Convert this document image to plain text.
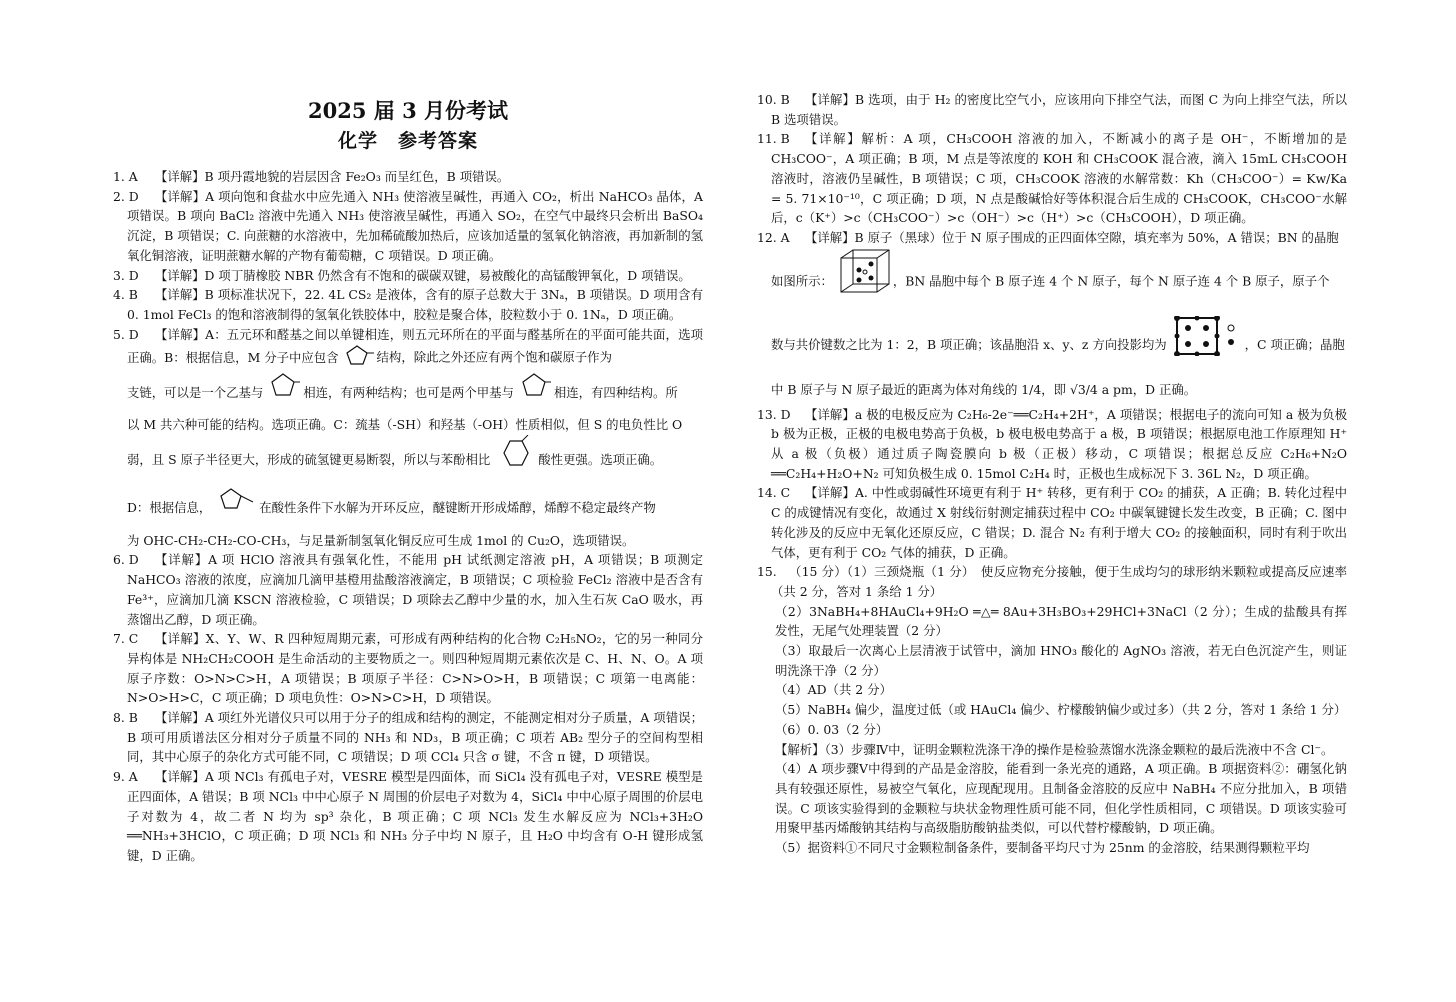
2025 届 3 月份考试
化学　参考答案
1. A 【详解】B 项丹霞地貌的岩层因含 Fe₂O₃ 而呈红色，B 项错误。
2. D 【详解】A 项向饱和食盐水中应先通入 NH₃ 使溶液呈碱性，再通入 CO₂，析出 NaHCO₃ 晶体，A 项错误。B 项向 BaCl₂ 溶液中先通入 NH₃ 使溶液呈碱性，再通入 SO₂，在空气中最终只会析出 BaSO₄ 沉淀，B 项错误；C. 向蔗糖的水溶液中，先加稀硫酸加热后，应该加适量的氢氧化钠溶液，再加新制的氢氧化铜溶液，证明蔗糖水解的产物有葡萄糖，C 项错误。D 项正确。
3. D 【详解】D 项丁腈橡胶 NBR 仍然含有不饱和的碳碳双键，易被酸化的高锰酸钾氧化，D 项错误。
4. B 【详解】B 项标准状况下，22. 4L CS₂ 是液体，含有的原子总数大于 3Nₐ，B 项错误。D 项用含有 0. 1mol FeCl₃ 的饱和溶液制得的氢氧化铁胶体中，胶粒是聚合体，胶粒数小于 0. 1Nₐ，D 项正确。
5. D 【详解】A：五元环和醛基之间以单键相连，则五元环所在的平面与醛基所在的平面可能共面，选项正确。B：根据信息，M 分子中应包含	结构，除此之外还应有两个饱和碳原子作为
支链，可以是一个乙基与	相连，有两种结构；也可是两个甲基与	相连，有四种结构。所
以 M 共六种可能的结构。选项正确。C：巯基（-SH）和羟基（-OH）性质相似，但 S 的电负性比 O
弱，且 S 原子半径更大，形成的硫氢键更易断裂，所以与苯酚相比	酸性更强。选项正确。
D：根据信息，	在酸性条件下水解为开环反应，醚键断开形成烯醇，烯醇不稳定最终产物
为 OHC-CH₂-CH₂-CO-CH₃，与足量新制氢氧化铜反应可生成 1mol 的 Cu₂O，选项错误。
6. D 【详解】A 项 HClO 溶液具有强氧化性，不能用 pH 试纸测定溶液 pH，A 项错误；B 项测定 NaHCO₃ 溶液的浓度，应滴加几滴甲基橙用盐酸溶液滴定，B 项错误；C 项检验 FeCl₂ 溶液中是否含有 Fe³⁺，应滴加几滴 KSCN 溶液检验，C 项错误；D 项除去乙醇中少量的水，加入生石灰 CaO 吸水，再蒸馏出乙醇，D 项正确。
7. C 【详解】X、Y、W、R 四种短周期元素，可形成有两种结构的化合物 C₂H₅NO₂，它的另一种同分异构体是 NH₂CH₂COOH 是生命活动的主要物质之一。则四种短周期元素依次是 C、H、N、O。A 项原子序数：O>N>C>H，A 项错误；B 项原子半径：C>N>O>H，B 项错误；C 项第一电离能：N>O>H>C，C 项正确；D 项电负性：O>N>C>H，D 项错误。
8. B 【详解】A 项红外光谱仪只可以用于分子的组成和结构的测定，不能测定相对分子质量，A 项错误；B 项可用质谱法区分相对分子质量不同的 NH₃ 和 ND₃，B 项正确；C 项若 AB₂ 型分子的空间构型相同，其中心原子的杂化方式可能不同，C 项错误；D 项 CCl₄ 只含 σ 键，不含 π 键，D 项错误。
9. A 【详解】A 项 NCl₃ 有孤电子对，VESRE 模型是四面体，而 SiCl₄ 没有孤电子对，VESRE 模型是正四面体，A 错误；B 项 NCl₃ 中中心原子 N 周围的价层电子对数为 4，SiCl₄ 中中心原子周围的价层电子对数为 4，故二者 N 均为 sp³ 杂化，B 项正确；C 项 NCl₃ 发生水解反应为 NCl₃+3H₂O ══NH₃+3HClO，C 项正确；D 项 NCl₃ 和 NH₃ 分子中均 N 原子，且 H₂O 中均含有 O-H 键形成氢键，D 正确。
10. B 【详解】B 选项，由于 H₂ 的密度比空气小，应该用向下排空气法，而图 C 为向上排空气法，所以 B 选项错误。
11. B 【详解】解析：A 项，CH₃COOH 溶液的加入，不断减小的离子是 OH⁻，不断增加的是 CH₃COO⁻，A 项正确；B 项，M 点是等浓度的 KOH 和 CH₃COOK 混合液，滴入 15mL CH₃COOH 溶液时，溶液仍呈碱性，B 项错误；C 项，CH₃COOK 溶液的水解常数：Kh（CH₃COO⁻）= Kw/Ka = 5. 71×10⁻¹⁰，C 项正确；D 项，N 点是酸碱恰好等体积混合后生成的 CH₃COOK，CH₃COO⁻水解后，c（K⁺）>c（CH₃COO⁻）>c（OH⁻）>c（H⁺）>c（CH₃COOH），D 项正确。
12. A 【详解】B 原子（黑球）位于 N 原子围成的正四面体空隙，填充率为 50%，A 错误；BN 的晶胞
如图所示：	，BN 晶胞中每个 B 原子连 4 个 N 原子，每个 N 原子连 4 个 B 原子，原子个
数与共价键数之比为 1：2，B 项正确；该晶胞沿 x、y、z 方向投影均为	，C 项正确；晶胞
中 B 原子与 N 原子最近的距离为体对角线的 1/4，即 √3/4 a pm，D 正确。
13. D 【详解】a 极的电极反应为 C₂H₆-2e⁻══C₂H₄+2H⁺，A 项错误；根据电子的流向可知 a 极为负极 b 极为正极，正极的电极电势高于负极，b 极电极电势高于 a 极，B 项错误；根据原电池工作原理知 H⁺ 从 a 极（负极）通过质子陶瓷膜向 b 极（正极）移动，C 项错误；根据总反应 C₂H₆+N₂O ══C₂H₄+H₂O+N₂ 可知负极生成 0. 15mol C₂H₄ 时，正极也生成标况下 3. 36L N₂，D 项正确。
14. C 【详解】A. 中性或弱碱性环境更有利于 H⁺ 转移，更有利于 CO₂ 的捕获，A 正确；B. 转化过程中 C 的成键情况有变化，故通过 X 射线衍射测定捕获过程中 CO₂ 中碳氧键键长发生改变，B 正确；C. 图中转化涉及的反应中无氧化还原反应，C 错误；D. 混合 N₂ 有利于增大 CO₂ 的接触面积，同时有利于吹出气体，更有利于 CO₂ 气体的捕获，D 正确。
15. （15 分）（1）三颈烧瓶（1 分）　使反应物充分接触，便于生成均匀的球形纳米颗粒或提高反应速率（共 2 分，答对 1 条给 1 分）
（2）3NaBH₄+8HAuCl₄+9H₂O ═△═ 8Au+3H₃BO₃+29HCl+3NaCl（2 分）；生成的盐酸具有挥发性，无尾气处理装置（2 分）
（3）取最后一次离心上层清液于试管中，滴加 HNO₃ 酸化的 AgNO₃ 溶液，若无白色沉淀产生，则证明洗涤干净（2 分）
（4）AD（共 2 分）
（5）NaBH₄ 偏少，温度过低（或 HAuCl₄ 偏少、柠檬酸钠偏少或过多）（共 2 分，答对 1 条给 1 分）
（6）0. 03（2 分）
【解析】（3）步骤Ⅳ中，证明金颗粒洗涤干净的操作是检验蒸馏水洗涤金颗粒的最后洗液中不含 Cl⁻。
（4）A 项步骤Ⅴ中得到的产品是金溶胶，能看到一条光亮的通路，A 项正确。B 项据资料②：硼氢化钠具有较强还原性，易被空气氧化，应现配现用。且制备金溶胶的反应中 NaBH₄ 不应分批加入，B 项错误。C 项该实验得到的金颗粒与块状金物理性质可能不同，但化学性质相同，C 项错误。D 项该实验可用聚甲基丙烯酸钠其结构与高级脂肪酸钠盐类似，可以代替柠檬酸钠，D 项正确。
（5）据资料①不同尺寸金颗粒制备条件，要制备平均尺寸为 25nm 的金溶胶，结果测得颗粒平均
